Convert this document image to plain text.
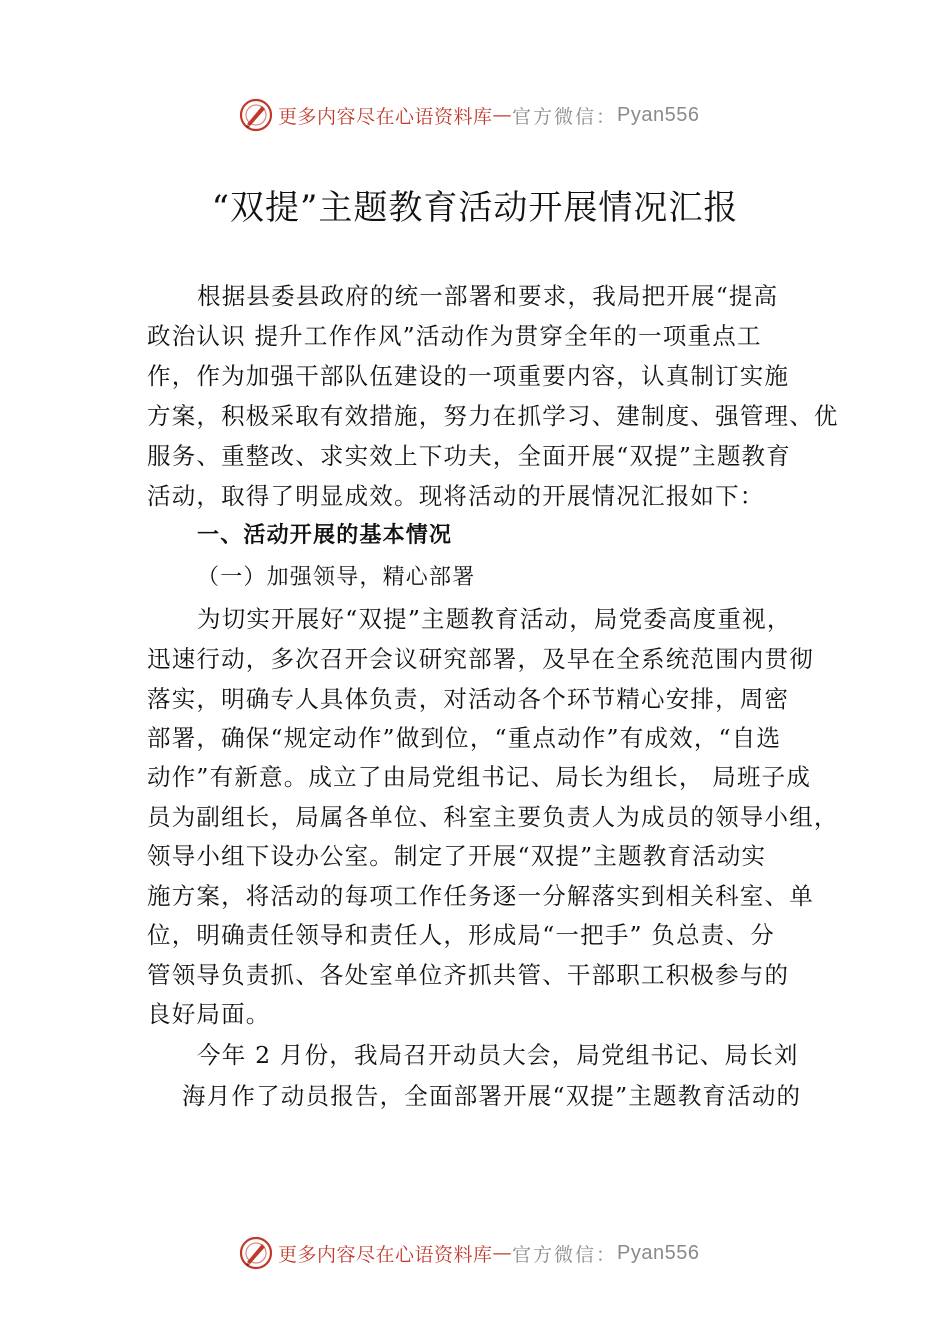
更多内容尽在心语资料库 — 官方微信： Pyan556
“双提”主题教育活动开展情况汇报
根据县委县政府的统一部署和要求，我局把开展“提高
政治认识 提升工作作风”活动作为贯穿全年的一项重点工
作，作为加强干部队伍建设的一项重要内容，认真制订实施
方案，积极采取有效措施，努力在抓学习、建制度、强管理、优
服务、重整改、求实效上下功夫，全面开展“双提”主题教育
活动，取得了明显成效。现将活动的开展情况汇报如下：
一、活动开展的基本情况
（一）加强领导，精心部署
为切实开展好“双提”主题教育活动，局党委高度重视，
迅速行动，多次召开会议研究部署，及早在全系统范围内贯彻
落实，明确专人具体负责，对活动各个环节精心安排，周密
部署，确保“规定动作”做到位，“重点动作”有成效，“自选
动作”有新意。成立了由局党组书记、局长为组长， 局班子成
员为副组长，局属各单位、科室主要负责人为成员的领导小组，
领导小组下设办公室。制定了开展“双提”主题教育活动实
施方案，将活动的每项工作任务逐一分解落实到相关科室、单
位，明确责任领导和责任人，形成局“一把手” 负总责、分
管领导负责抓、各处室单位齐抓共管、干部职工积极参与的
良好局面。
今年 2 月份，我局召开动员大会，局党组书记、局长刘
海月作了动员报告，全面部署开展“双提”主题教育活动的
更多内容尽在心语资料库 — 官方微信： Pyan556
